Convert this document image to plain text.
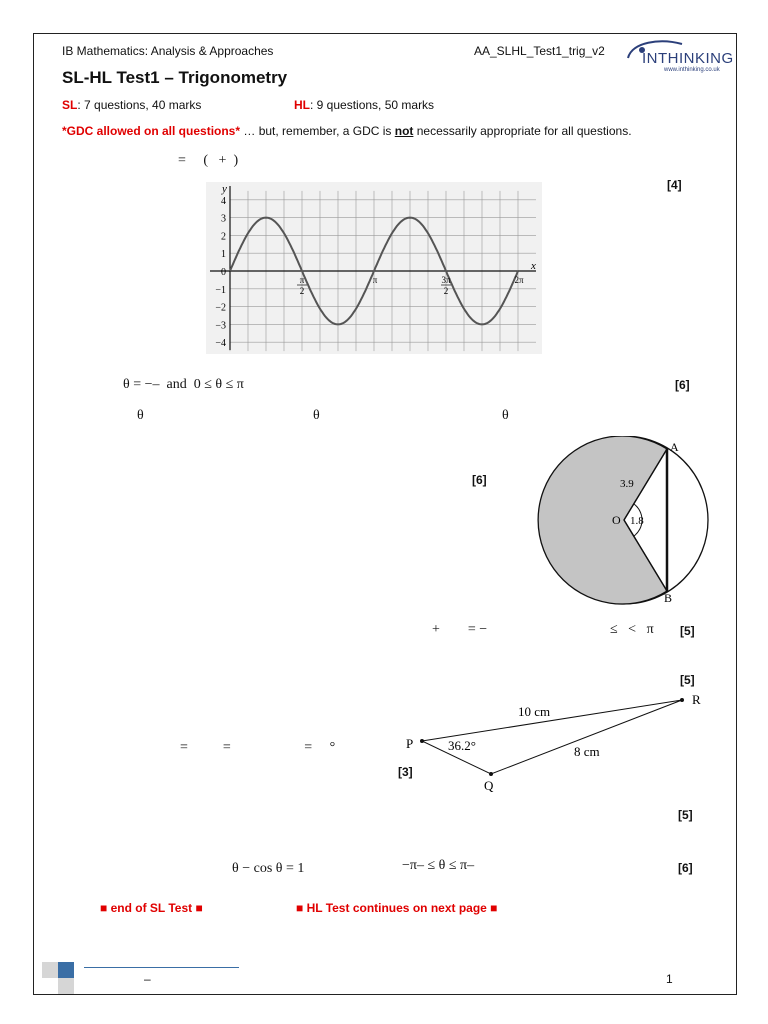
IB Mathematics: Analysis & Approaches	AA_SLHL_Test1_trig_v2 INTHINKING
www.inthinking.co.uk
SL-HL Test1 – Trigonometry
SL: 7 questions, 40 marks	HL: 9 questions, 50 marks
*GDC allowed on all questions* … but, remember, a GDC is not necessarily appropriate for all questions.
=     (   +  )
[4]
y
x
4
3
2
1
0
−1
−2
−3
−4
π
2
π	3π
2
2π
θ = −–  and  0 ≤ θ ≤ π	[6]
θ	θ	θ
[6]	3.9
1.8
O
A
B
+        = −	≤   <   π [5]
[5]
10 cm
8 cm
36.2°
P
Q
R
=          =                     =     °
[3]
[5]
θ − cos θ = 1	−π– ≤ θ ≤ π–	[6]
■ end of SL Test ■	■ HL Test continues on next page ■
–	1
